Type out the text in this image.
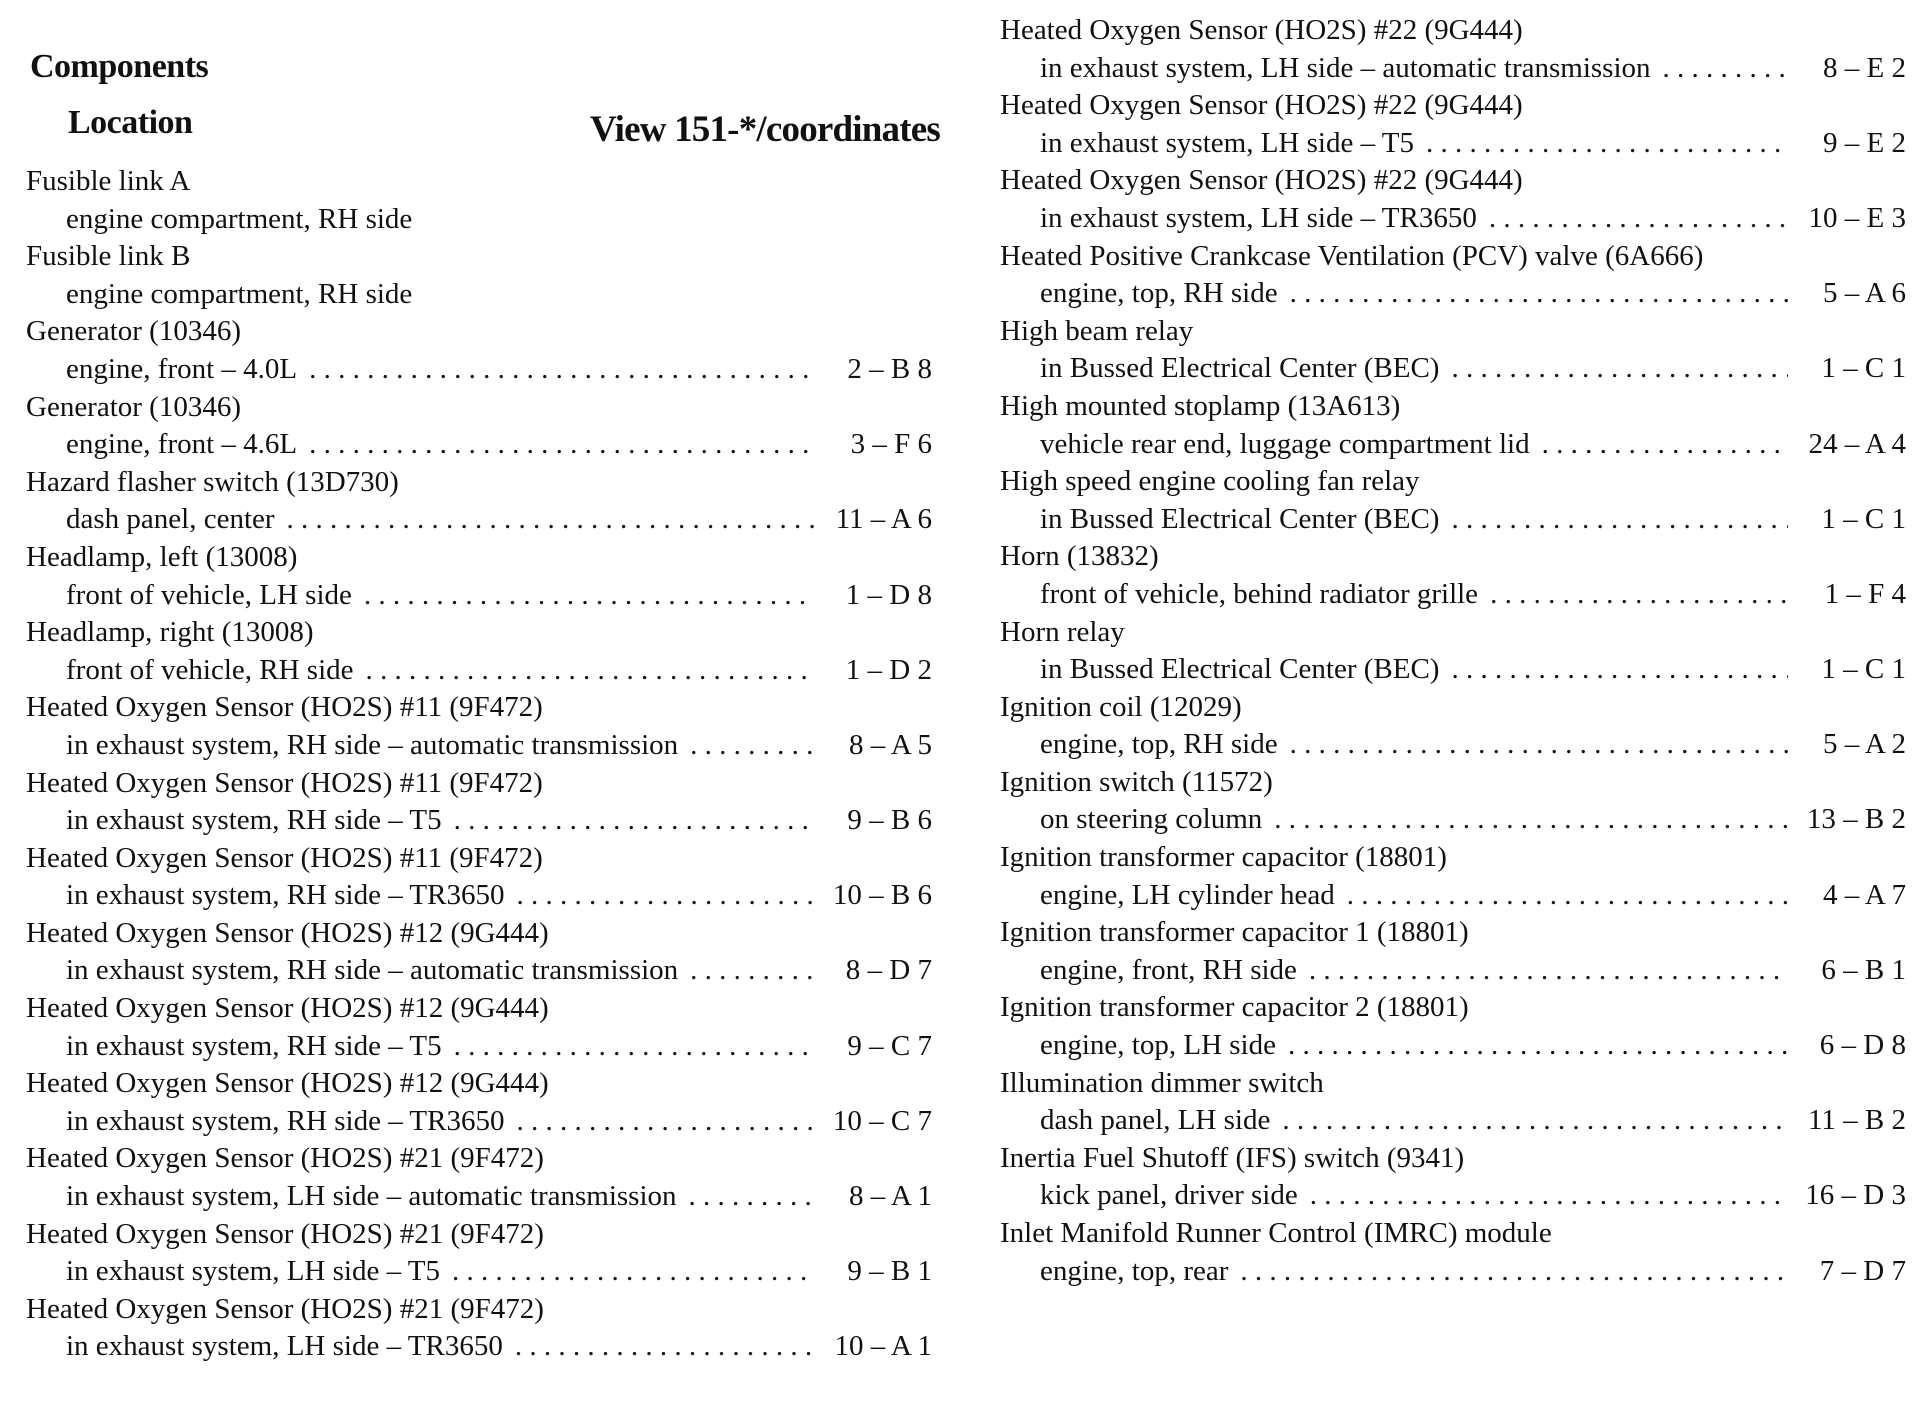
Components
Location	View 151-*/coordinates
Fusible link A
engine compartment, RH side
Fusible link B
engine compartment, RH side
Generator (10346)
engine, front – 4.0L . . .	2 – B 8
Generator (10346)
engine, front – 4.6L . . .	3 – F 6
Hazard flasher switch (13D730)
dash panel, center . . .	11 – A 6
Headlamp, left (13008)
front of vehicle, LH side . . .	1 – D 8
Headlamp, right (13008)
front of vehicle, RH side . . .	1 – D 2
Heated Oxygen Sensor (HO2S) #11 (9F472)
in exhaust system, RH side – automatic transmission . . .	8 – A 5
Heated Oxygen Sensor (HO2S) #11 (9F472)
in exhaust system, RH side – T5 . . .	9 – B 6
Heated Oxygen Sensor (HO2S) #11 (9F472)
in exhaust system, RH side – TR3650 . . .	10 – B 6
Heated Oxygen Sensor (HO2S) #12 (9G444)
in exhaust system, RH side – automatic transmission . . .	8 – D 7
Heated Oxygen Sensor (HO2S) #12 (9G444)
in exhaust system, RH side – T5 . . .	9 – C 7
Heated Oxygen Sensor (HO2S) #12 (9G444)
in exhaust system, RH side – TR3650 . . .	10 – C 7
Heated Oxygen Sensor (HO2S) #21 (9F472)
in exhaust system, LH side – automatic transmission . . .	8 – A 1
Heated Oxygen Sensor (HO2S) #21 (9F472)
in exhaust system, LH side – T5 . . .	9 – B 1
Heated Oxygen Sensor (HO2S) #21 (9F472)
in exhaust system, LH side – TR3650 . . .	10 – A 1
Heated Oxygen Sensor (HO2S) #22 (9G444)
in exhaust system, LH side – automatic transmission . . .	8 – E 2
Heated Oxygen Sensor (HO2S) #22 (9G444)
in exhaust system, LH side – T5 . . .	9 – E 2
Heated Oxygen Sensor (HO2S) #22 (9G444)
in exhaust system, LH side – TR3650 . . .	10 – E 3
Heated Positive Crankcase Ventilation (PCV) valve (6A666)
engine, top, RH side . . .	5 – A 6
High beam relay
in Bussed Electrical Center (BEC) . . .	1 – C 1
High mounted stoplamp (13A613)
vehicle rear end, luggage compartment lid . . .	24 – A 4
High speed engine cooling fan relay
in Bussed Electrical Center (BEC) . . .	1 – C 1
Horn (13832)
front of vehicle, behind radiator grille . . .	1 – F 4
Horn relay
in Bussed Electrical Center (BEC) . . .	1 – C 1
Ignition coil (12029)
engine, top, RH side . . .	5 – A 2
Ignition switch (11572)
on steering column . . .	13 – B 2
Ignition transformer capacitor (18801)
engine, LH cylinder head . . .	4 – A 7
Ignition transformer capacitor 1 (18801)
engine, front, RH side . . .	6 – B 1
Ignition transformer capacitor 2 (18801)
engine, top, LH side . . .	6 – D 8
Illumination dimmer switch
dash panel, LH side . . .	11 – B 2
Inertia Fuel Shutoff (IFS) switch (9341)
kick panel, driver side . . .	16 – D 3
Inlet Manifold Runner Control (IMRC) module
engine, top, rear . . .	7 – D 7
